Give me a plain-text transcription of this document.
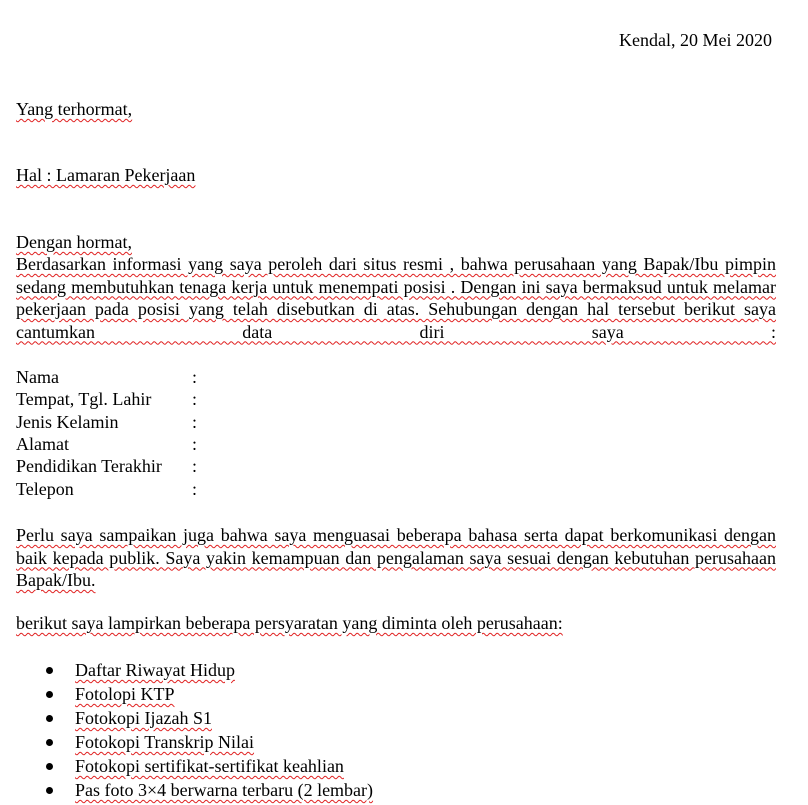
Kendal, 20 Mei 2020
Yang terhormat,
Hal : Lamaran Pekerjaan
Dengan hormat,
Berdasarkan informasi yang saya peroleh dari situs resmi , bahwa perusahaan yang Bapak/Ibu pimpin sedang membutuhkan tenaga kerja untuk menempati posisi . Dengan ini saya bermaksud untuk melamar pekerjaan pada posisi yang telah disebutkan di atas. Sehubungan dengan hal tersebut berikut saya cantumkan data diri saya :
Nama	:
Tempat, Tgl. Lahir :
Jenis Kelamin	:
Alamat	:
Pendidikan Terakhir :
Telepon	:
Perlu saya sampaikan juga bahwa saya menguasai beberapa bahasa serta dapat berkomunikasi dengan baik kepada publik. Saya yakin kemampuan dan pengalaman saya sesuai dengan kebutuhan perusahaan Bapak/Ibu.
berikut saya lampirkan beberapa persyaratan yang diminta oleh perusahaan:
Daftar Riwayat Hidup
Fotolopi KTP
Fotokopi Ijazah S1
Fotokopi Transkrip Nilai
Fotokopi sertifikat-sertifikat keahlian
Pas foto 3×4 berwarna terbaru (2 lembar)
